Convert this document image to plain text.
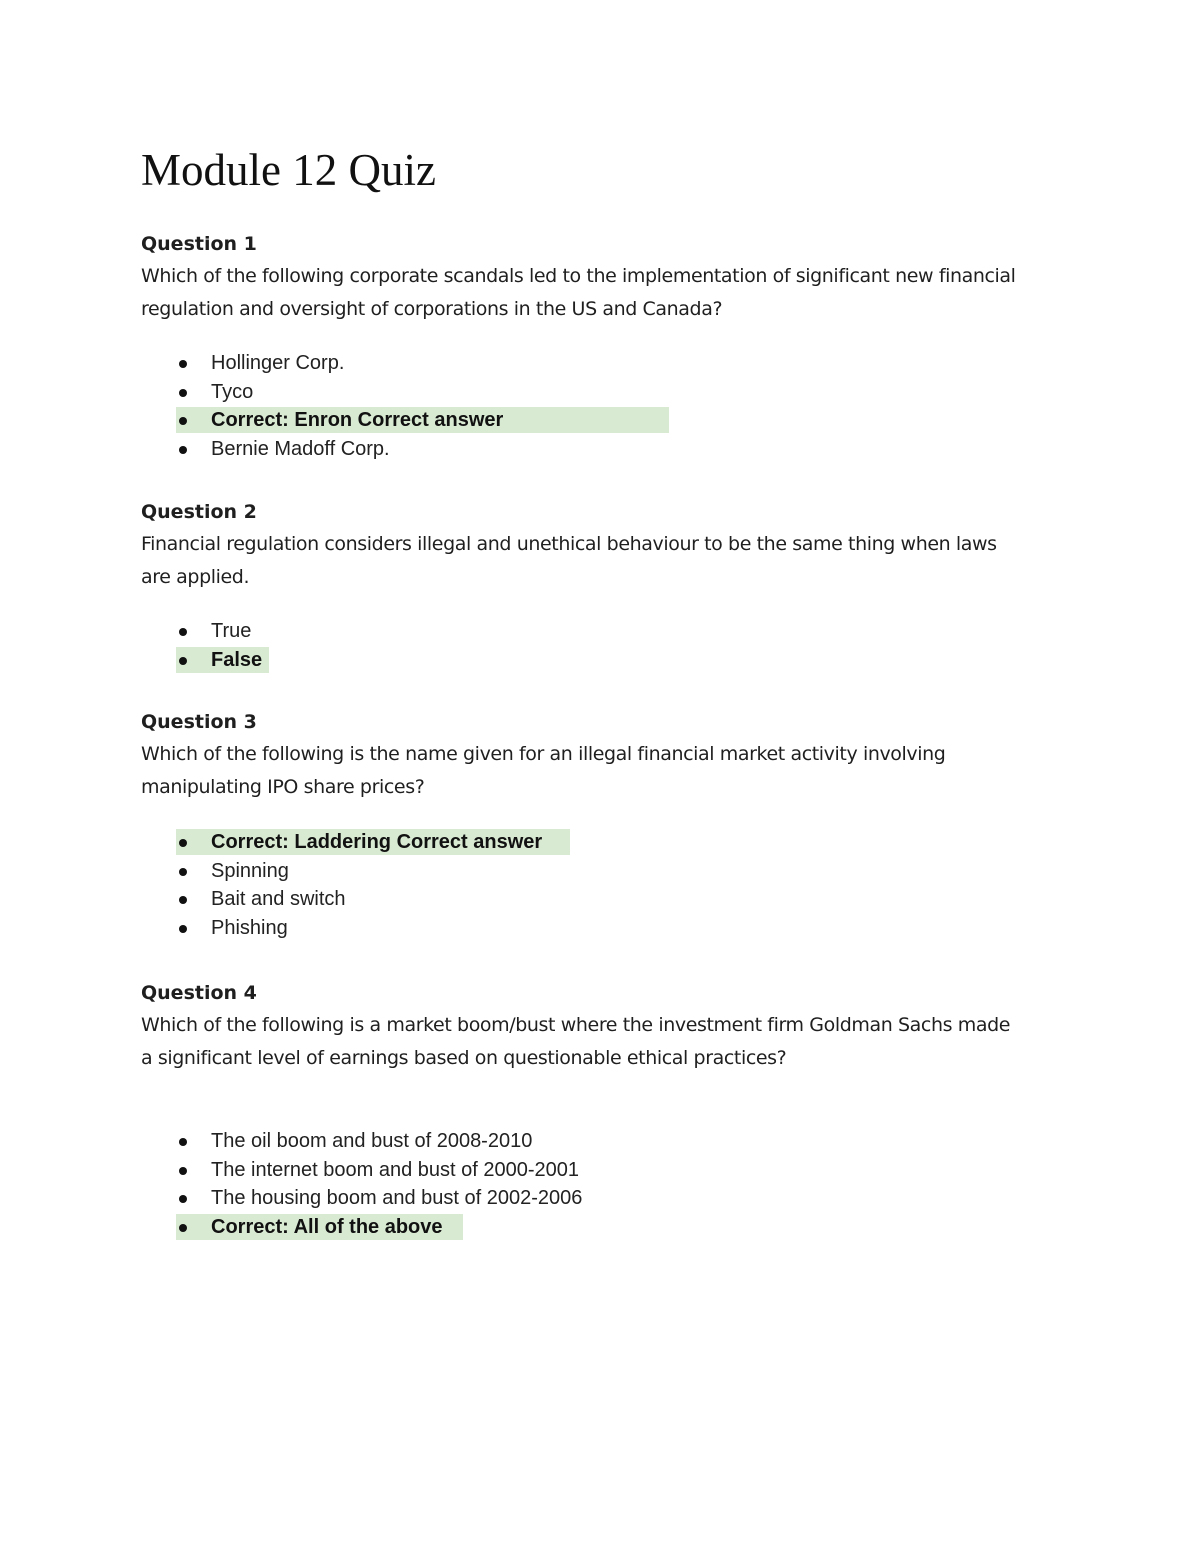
Module 12 Quiz
Question 1

Which of the following corporate scandals led to the implementation of significant new financial
regulation and oversight of corporations in the US and Canada?

Hollinger Corp.
Tyco
Correct: Enron Correct answer
Bernie Madoff Corp.
Question 2

Financial regulation considers illegal and unethical behaviour to be the same thing when laws
are applied.

True
False
Question 3

Which of the following is the name given for an illegal financial market activity involving
manipulating IPO share prices?

Correct: Laddering Correct answer
Spinning
Bait and switch
Phishing
Question 4

Which of the following is a market boom/bust where the investment firm Goldman Sachs made
a significant level of earnings based on questionable ethical practices?

The oil boom and bust of 2008-2010
The internet boom and bust of 2000-2001
The housing boom and bust of 2002-2006
Correct: All of the above
